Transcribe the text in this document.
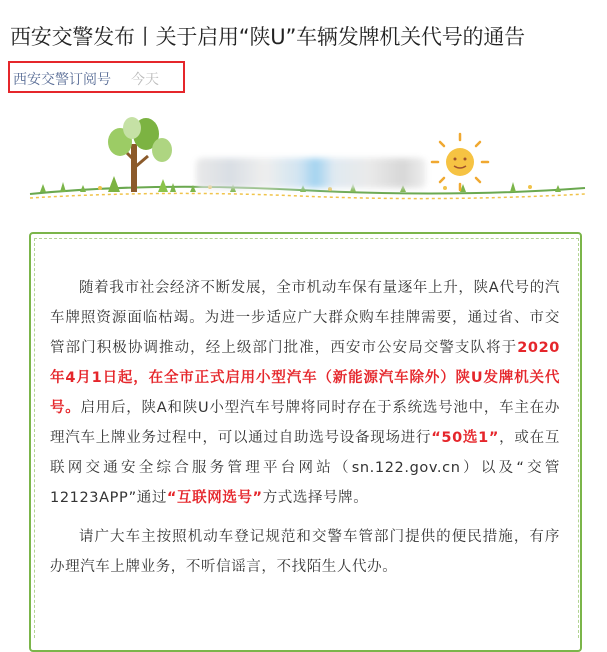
西安交警发布丨关于启用“陕U”车辆发牌机关代号的通告
西安交警订阅号 今天
随着我市社会经济不断发展，全市机动车保有量逐年上升，陕A代号的汽车牌照资源面临枯竭。为进一步适应广大群众购车挂牌需要，通过省、市交管部门积极协调推动，经上级部门批准，西安市公安局交警支队将于2020年4月1日起，在全市正式启用小型汽车（新能源汽车除外）陕U发牌机关代号。启用后，陕A和陕U小型汽车号牌将同时存在于系统选号池中，车主在办理汽车上牌业务过程中，可以通过自助选号设备现场进行“50选1”，或在互联网交通安全综合服务管理平台网站（sn.122.gov.cn）以及“交管12123APP”通过“互联网选号”方式选择号牌。
请广大车主按照机动车登记规范和交警车管部门提供的便民措施，有序办理汽车上牌业务，不听信谣言，不找陌生人代办。
